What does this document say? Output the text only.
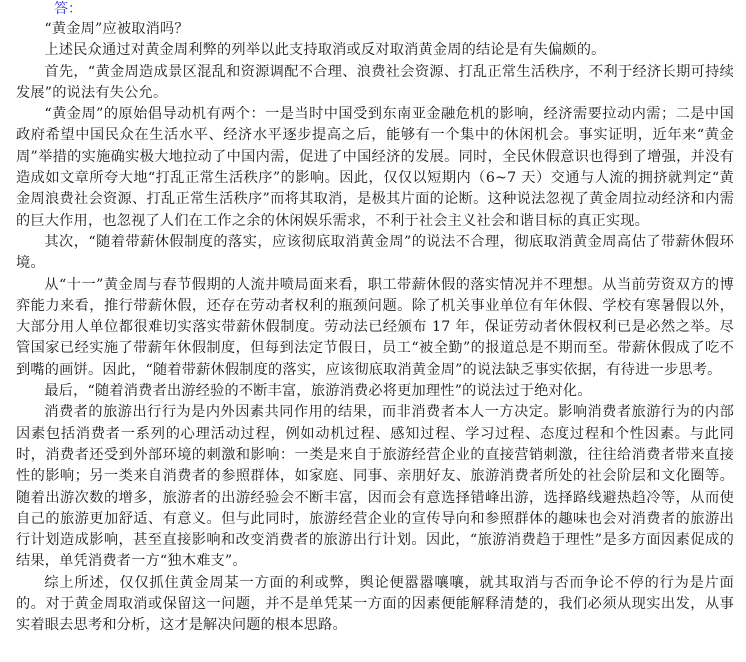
答：

“黄金周”应被取消吗？

上述民众通过对黄金周利弊的列举以此支持取消或反对取消黄金周的结论是有失偏颇的。

首先，“黄金周造成景区混乱和资源调配不合理、浪费社会资源、打乱正常生活秩序，不利于经济长期可持续发展”的说法有失公允。

“黄金周”的原始倡导动机有两个：一是当时中国受到东南亚金融危机的影响，经济需要拉动内需；二是中国政府希望中国民众在生活水平、经济水平逐步提高之后，能够有一个集中的休闲机会。事实证明，近年来“黄金周”举措的实施确实极大地拉动了中国内需，促进了中国经济的发展。同时，全民休假意识也得到了增强，并没有造成如文章所夸大地“打乱正常生活秩序”的影响。因此，仅仅以短期内（6~7 天）交通与人流的拥挤就判定“黄金周浪费社会资源、打乱正常生活秩序”而将其取消，是极其片面的论断。这种说法忽视了黄金周拉动经济和内需的巨大作用，也忽视了人们在工作之余的休闲娱乐需求，不利于社会主义社会和谐目标的真正实现。

其次，“随着带薪休假制度的落实，应该彻底取消黄金周”的说法不合理，彻底取消黄金周高估了带薪休假环境。

从“十一”黄金周与春节假期的人流井喷局面来看，职工带薪休假的落实情况并不理想。从当前劳资双方的博弈能力来看，推行带薪休假，还存在劳动者权利的瓶颈问题。除了机关事业单位有年休假、学校有寒暑假以外，大部分用人单位都很难切实落实带薪休假制度。劳动法已经颁布 17 年，保证劳动者休假权利已是必然之举。尽管国家已经实施了带薪年休假制度，但每到法定节假日，员工“被全勤”的报道总是不期而至。带薪休假成了吃不到嘴的画饼。因此，“随着带薪休假制度的落实，应该彻底取消黄金周”的说法缺乏事实依据，有待进一步思考。

最后，“随着消费者出游经验的不断丰富，旅游消费必将更加理性”的说法过于绝对化。

消费者的旅游出行行为是内外因素共同作用的结果，而非消费者本人一方决定。影响消费者旅游行为的内部因素包括消费者一系列的心理活动过程，例如动机过程、感知过程、学习过程、态度过程和个性因素。与此同时，消费者还受到外部环境的刺激和影响：一类是来自于旅游经营企业的直接营销刺激，往往给消费者带来直接性的影响；另一类来自消费者的参照群体，如家庭、同事、亲朋好友、旅游消费者所处的社会阶层和文化圈等。随着出游次数的增多，旅游者的出游经验会不断丰富，因而会有意选择错峰出游，选择路线避热趋冷等，从而使自己的旅游更加舒适、有意义。但与此同时，旅游经营企业的宣传导向和参照群体的趣味也会对消费者的旅游出行计划造成影响，甚至直接影响和改变消费者的旅游出行计划。因此，“旅游消费趋于理性”是多方面因素促成的结果，单凭消费者一方“独木难支”。

综上所述，仅仅抓住黄金周某一方面的利或弊，舆论便嚣嚣嚷嚷，就其取消与否而争论不停的行为是片面的。对于黄金周取消或保留这一问题，并不是单凭某一方面的因素便能解释清楚的，我们必须从现实出发，从事实着眼去思考和分析，这才是解决问题的根本思路。
